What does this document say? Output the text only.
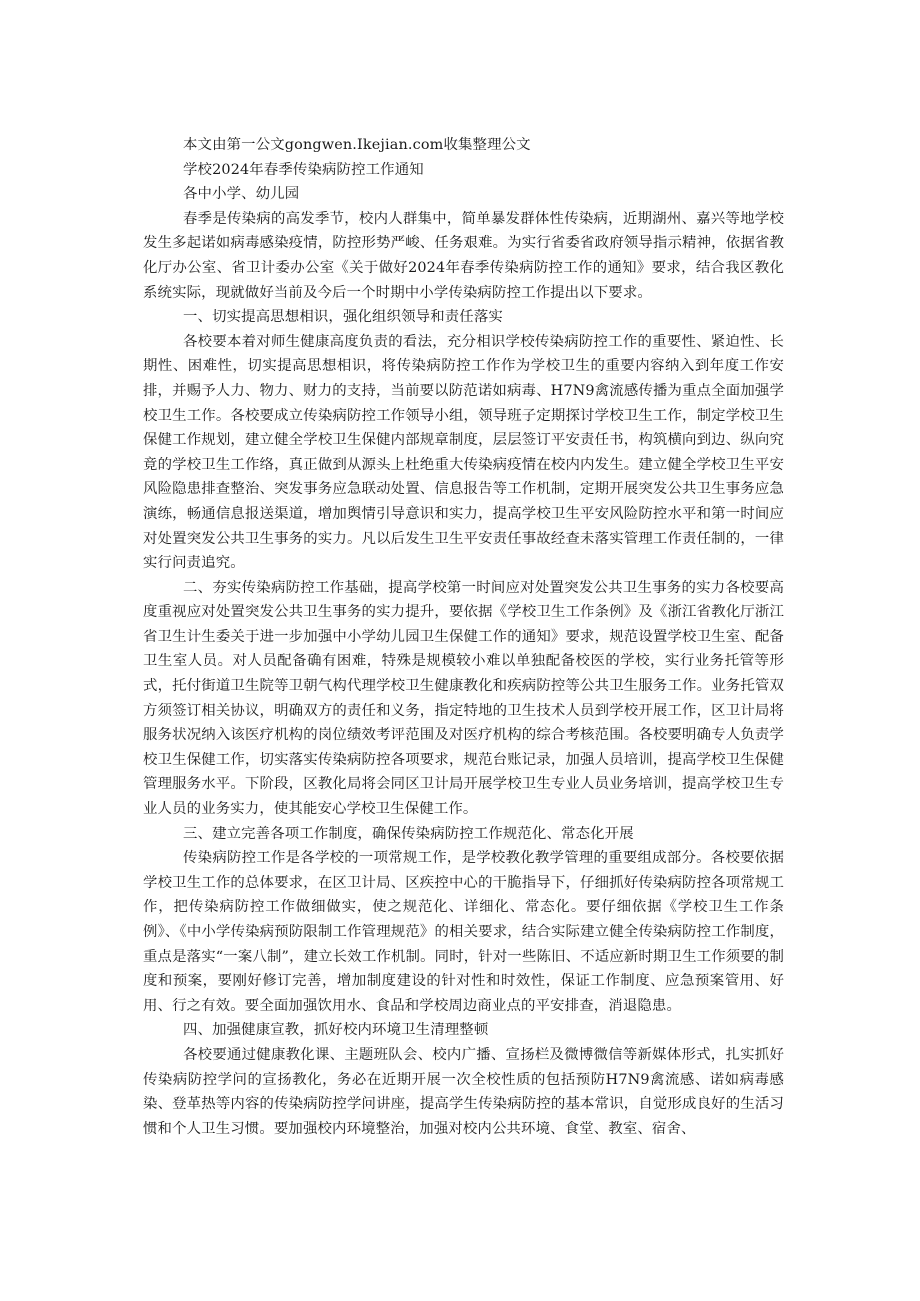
本文由第一公文gongwen.Ikejian.com收集整理公文

学校2024年春季传染病防控工作通知

各中小学、幼儿园

春季是传染病的高发季节，校内人群集中，简单暴发群体性传染病，近期湖州、嘉兴等地学校发生多起诺如病毒感染疫情，防控形势严峻、任务艰难。为实行省委省政府领导指示精神，依据省教化厅办公室、省卫计委办公室《关于做好2024年春季传染病防控工作的通知》要求，结合我区教化系统实际，现就做好当前及今后一个时期中小学传染病防控工作提出以下要求。

一、切实提高思想相识，强化组织领导和责任落实

各校要本着对师生健康高度负责的看法，充分相识学校传染病防控工作的重要性、紧迫性、长期性、困难性，切实提高思想相识，将传染病防控工作作为学校卫生的重要内容纳入到年度工作安排，并赐予人力、物力、财力的支持，当前要以防范诺如病毒、H7N9禽流感传播为重点全面加强学校卫生工作。各校要成立传染病防控工作领导小组，领导班子定期探讨学校卫生工作，制定学校卫生保健工作规划，建立健全学校卫生保健内部规章制度，层层签订平安责任书，构筑横向到边、纵向究竟的学校卫生工作络，真正做到从源头上杜绝重大传染病疫情在校内内发生。建立健全学校卫生平安风险隐患排查整治、突发事务应急联动处置、信息报告等工作机制，定期开展突发公共卫生事务应急演练，畅通信息报送渠道，增加舆情引导意识和实力，提高学校卫生平安风险防控水平和第一时间应对处置突发公共卫生事务的实力。凡以后发生卫生平安责任事故经查未落实管理工作责任制的，一律实行问责追究。

二、夯实传染病防控工作基础，提高学校第一时间应对处置突发公共卫生事务的实力各校要高度重视应对处置突发公共卫生事务的实力提升，要依据《学校卫生工作条例》及《浙江省教化厅浙江省卫生计生委关于进一步加强中小学幼儿园卫生保健工作的通知》要求，规范设置学校卫生室、配备卫生室人员。对人员配备确有困难，特殊是规模较小难以单独配备校医的学校，实行业务托管等形式，托付街道卫生院等卫朝气构代理学校卫生健康教化和疾病防控等公共卫生服务工作。业务托管双方须签订相关协议，明确双方的责任和义务，指定特地的卫生技术人员到学校开展工作，区卫计局将服务状况纳入该医疗机构的岗位绩效考评范围及对医疗机构的综合考核范围。各校要明确专人负责学校卫生保健工作，切实落实传染病防控各项要求，规范台账记录，加强人员培训，提高学校卫生保健管理服务水平。下阶段，区教化局将会同区卫计局开展学校卫生专业人员业务培训，提高学校卫生专业人员的业务实力，使其能安心学校卫生保健工作。

三、建立完善各项工作制度，确保传染病防控工作规范化、常态化开展

传染病防控工作是各学校的一项常规工作，是学校教化教学管理的重要组成部分。各校要依据学校卫生工作的总体要求，在区卫计局、区疾控中心的干脆指导下，仔细抓好传染病防控各项常规工作，把传染病防控工作做细做实，使之规范化、详细化、常态化。要仔细依据《学校卫生工作条例》、《中小学传染病预防限制工作管理规范》的相关要求，结合实际建立健全传染病防控工作制度，重点是落实“一案八制”，建立长效工作机制。同时，针对一些陈旧、不适应新时期卫生工作须要的制度和预案，要刚好修订完善，增加制度建设的针对性和时效性，保证工作制度、应急预案管用、好用、行之有效。要全面加强饮用水、食品和学校周边商业点的平安排查，消退隐患。

四、加强健康宣教，抓好校内环境卫生清理整顿

各校要通过健康教化课、主题班队会、校内广播、宣扬栏及微博微信等新媒体形式，扎实抓好传染病防控学问的宣扬教化，务必在近期开展一次全校性质的包括预防H7N9禽流感、诺如病毒感染、登革热等内容的传染病防控学问讲座，提高学生传染病防控的基本常识，自觉形成良好的生活习惯和个人卫生习惯。要加强校内环境整治，加强对校内公共环境、食堂、教室、宿舍、
